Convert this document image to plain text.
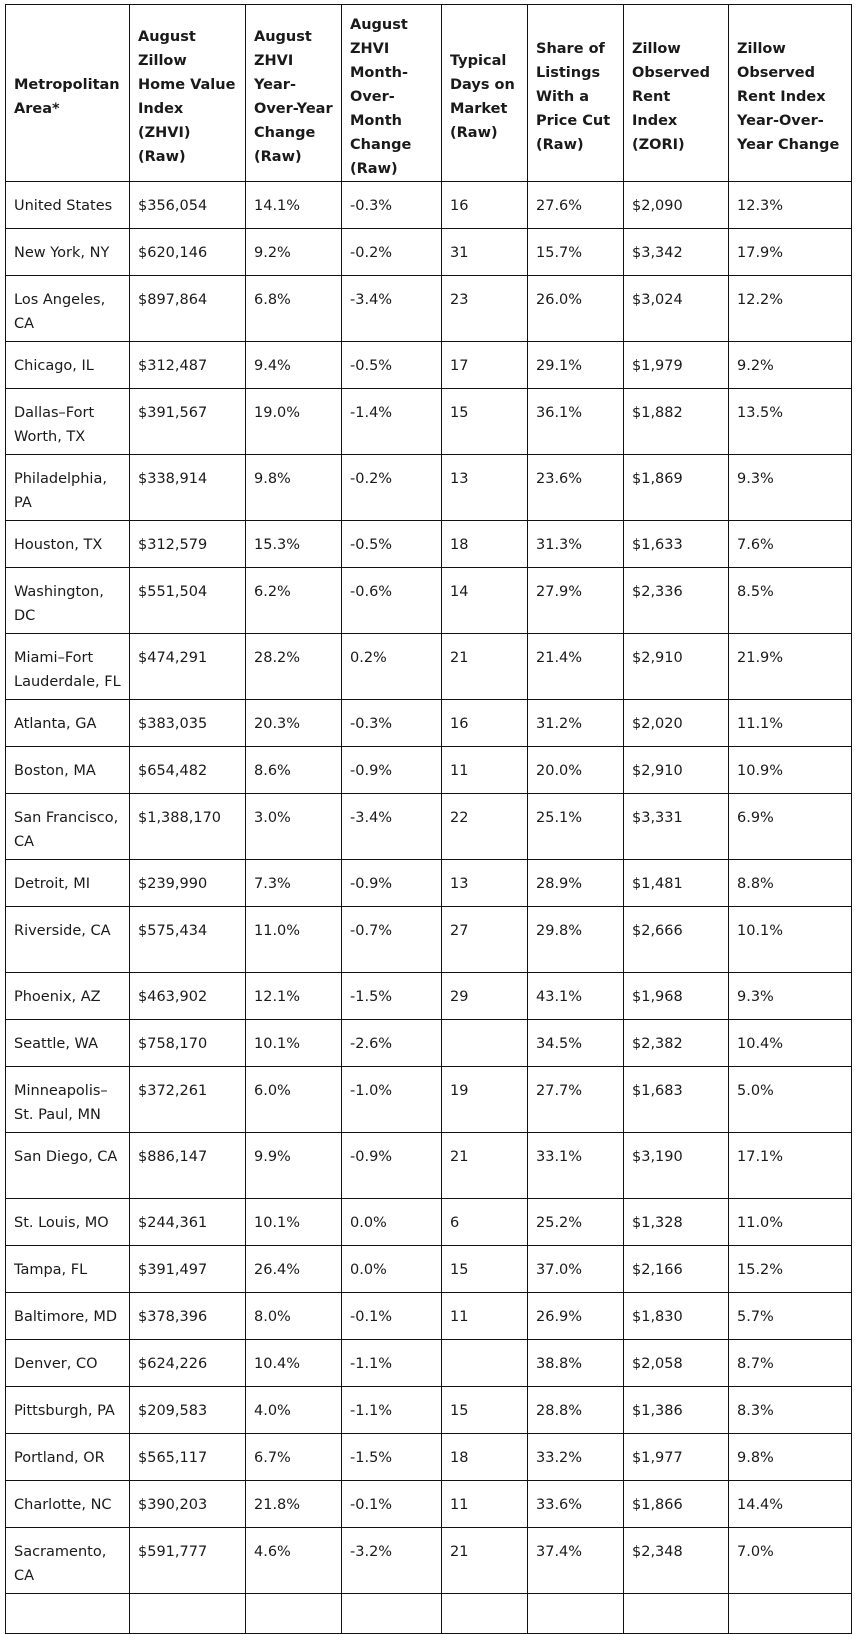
Metropolitan Area*	August Zillow Home Value Index (ZHVI) (Raw)	August ZHVI Year-Over-Year Change (Raw)	August ZHVI Month-Over-Month Change (Raw)	Typical Days on Market (Raw)	Share of Listings With a Price Cut (Raw)	Zillow Observed Rent Index (ZORI)	Zillow Observed Rent Index Year-Over-Year Change
United States	$356,054	14.1%	-0.3%	16	27.6%	$2,090	12.3%
New York, NY	$620,146	9.2%	-0.2%	31	15.7%	$3,342	17.9%
Los Angeles, CA	$897,864	6.8%	-3.4%	23	26.0%	$3,024	12.2%
Chicago, IL	$312,487	9.4%	-0.5%	17	29.1%	$1,979	9.2%
Dallas–Fort Worth, TX	$391,567	19.0%	-1.4%	15	36.1%	$1,882	13.5%
Philadelphia, PA	$338,914	9.8%	-0.2%	13	23.6%	$1,869	9.3%
Houston, TX	$312,579	15.3%	-0.5%	18	31.3%	$1,633	7.6%
Washington, DC	$551,504	6.2%	-0.6%	14	27.9%	$2,336	8.5%
Miami–Fort Lauderdale, FL	$474,291	28.2%	0.2%	21	21.4%	$2,910	21.9%
Atlanta, GA	$383,035	20.3%	-0.3%	16	31.2%	$2,020	11.1%
Boston, MA	$654,482	8.6%	-0.9%	11	20.0%	$2,910	10.9%
San Francisco, CA	$1,388,170	3.0%	-3.4%	22	25.1%	$3,331	6.9%
Detroit, MI	$239,990	7.3%	-0.9%	13	28.9%	$1,481	8.8%
Riverside, CA	$575,434	11.0%	-0.7%	27	29.8%	$2,666	10.1%
Phoenix, AZ	$463,902	12.1%	-1.5%	29	43.1%	$1,968	9.3%
Seattle, WA	$758,170	10.1%	-2.6%		34.5%	$2,382	10.4%
Minneapolis–St. Paul, MN	$372,261	6.0%	-1.0%	19	27.7%	$1,683	5.0%
San Diego, CA	$886,147	9.9%	-0.9%	21	33.1%	$3,190	17.1%
St. Louis, MO	$244,361	10.1%	0.0%	6	25.2%	$1,328	11.0%
Tampa, FL	$391,497	26.4%	0.0%	15	37.0%	$2,166	15.2%
Baltimore, MD	$378,396	8.0%	-0.1%	11	26.9%	$1,830	5.7%
Denver, CO	$624,226	10.4%	-1.1%		38.8%	$2,058	8.7%
Pittsburgh, PA	$209,583	4.0%	-1.1%	15	28.8%	$1,386	8.3%
Portland, OR	$565,117	6.7%	-1.5%	18	33.2%	$1,977	9.8%
Charlotte, NC	$390,203	21.8%	-0.1%	11	33.6%	$1,866	14.4%
Sacramento, CA	$591,777	4.6%	-3.2%	21	37.4%	$2,348	7.0%
